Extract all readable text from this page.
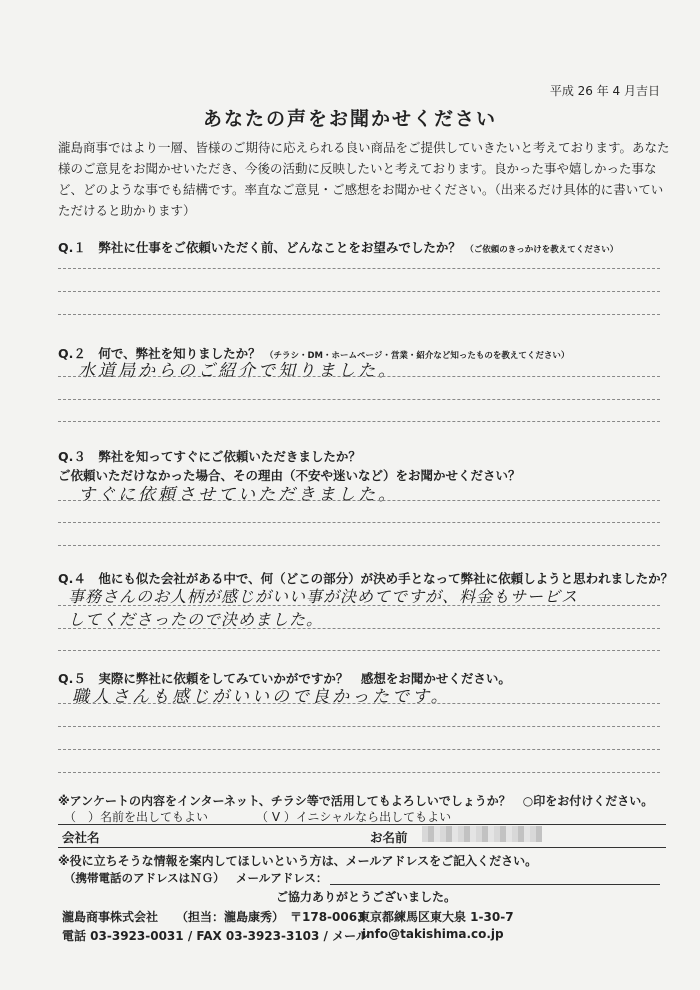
平成 26 年 4 月吉日
あなたの声をお聞かせください
瀧島商事ではより一層、皆様のご期待に応えられる良い商品をご提供していきたいと考えております。あなた様のご意見をお聞かせいただき、今後の活動に反映したいと考えております。良かった事や嬉しかった事など、どのような事でも結構です。率直なご意見・ご感想をお聞かせください。（出来るだけ具体的に書いていただけると助かります）
Q.１ 弊社に仕事をご依頼いただく前、どんなことをお望みでしたか？ （ご依頼のきっかけを教えてください）
Q.２ 何で、弊社を知りましたか？ （チラシ・DM・ホームページ・営業・紹介など知ったものを教えてください）
水道局からのご紹介で知りました。
Q.３ 弊社を知ってすぐにご依頼いただきましたか？
ご依頼いただけなかった場合、その理由（不安や迷いなど）をお聞かせください？
すぐに依頼させていただきました。
Q.４ 他にも似た会社がある中で、何（どこの部分）が決め手となって弊社に依頼しようと思われましたか？
事務さんのお人柄が感じがいい事が決めてですが、料金もサービス
してくださったので決めました。
Q.５ 実際に弊社に依頼をしてみていかがですか？　感想をお聞かせください。
職人さんも感じがいいので良かったです。
※アンケートの内容をインターネット、チラシ等で活用してもよろしいでしょうか？　○印をお付けください。
（　）名前を出してもよい	（ V ）イニシャルなら出してもよい
会社名	お名前
※役に立ちそうな情報を案内してほしいという方は、メールアドレスをご記入ください。
（携帯電話のアドレスはＮＧ） メールアドレス：
ご協力ありがとうございました。
瀧島商事株式会社 （担当：瀧島康秀） 〒178-0063
東京都練馬区東大泉 1-30-7
電話 03-3923-0031 / FAX 03-3923-3103 / メール
info@takishima.co.jp
